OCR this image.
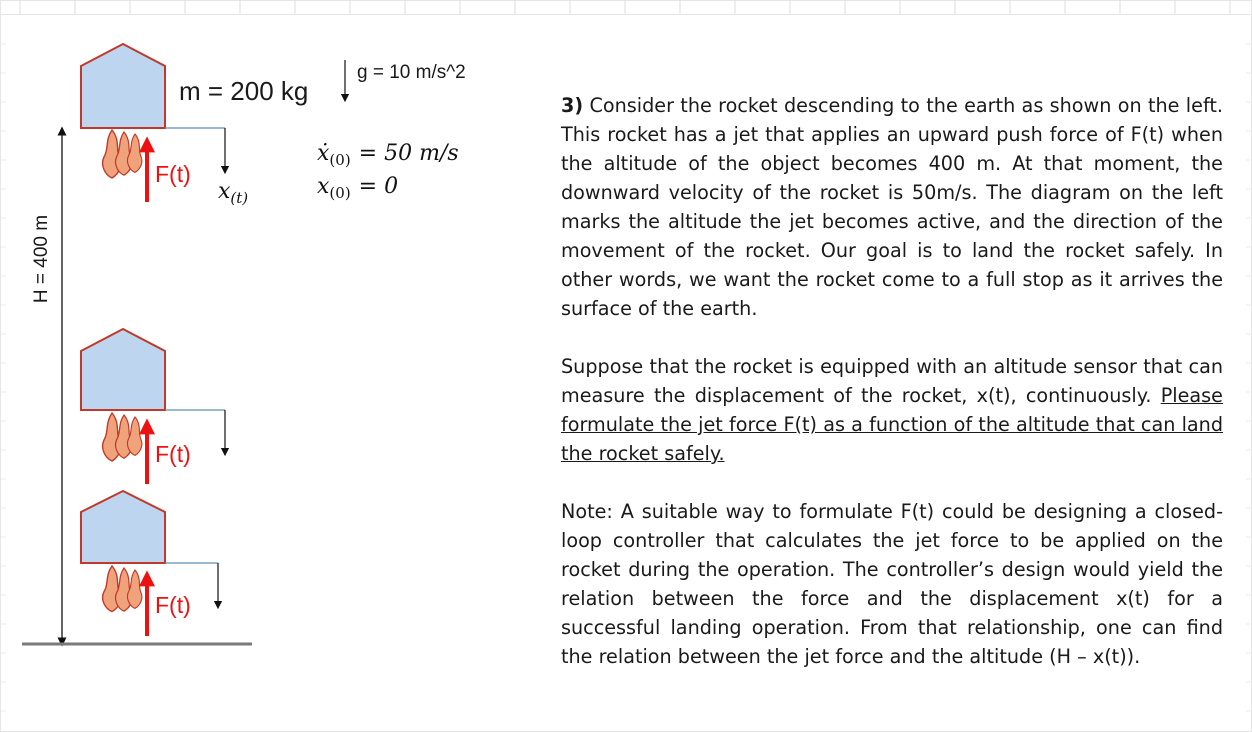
H = 400 m
F(t)
$x_{(t)}$
m = 200 kg
g = 10 m/s^2
ẋ$_{(0)}$ = 50 m/s
$x_{(0)} = 0$
F(t)
F(t)

3) Consider the rocket descending to the earth as shown on the left. This rocket has a jet that applies an upward push force of F(t) when the altitude of the object becomes 400 m. At that moment, the downward velocity of the rocket is 50m/s. The diagram on the left marks the altitude the jet becomes active, and the direction of the movement of the rocket. Our goal is to land the rocket safely. In other words, we want the rocket come to a full stop as it arrives the surface of the earth.

Suppose that the rocket is equipped with an altitude sensor that can measure the displacement of the rocket, x(t), continuously. Please formulate the jet force F(t) as a function of the altitude that can land the rocket safely.

Note: A suitable way to formulate F(t) could be designing a closed-loop controller that calculates the jet force to be applied on the rocket during the operation. The controller’s design would yield the relation between the force and the displacement x(t) for a successful landing operation. From that relationship, one can find the relation between the jet force and the altitude (H – x(t)).
